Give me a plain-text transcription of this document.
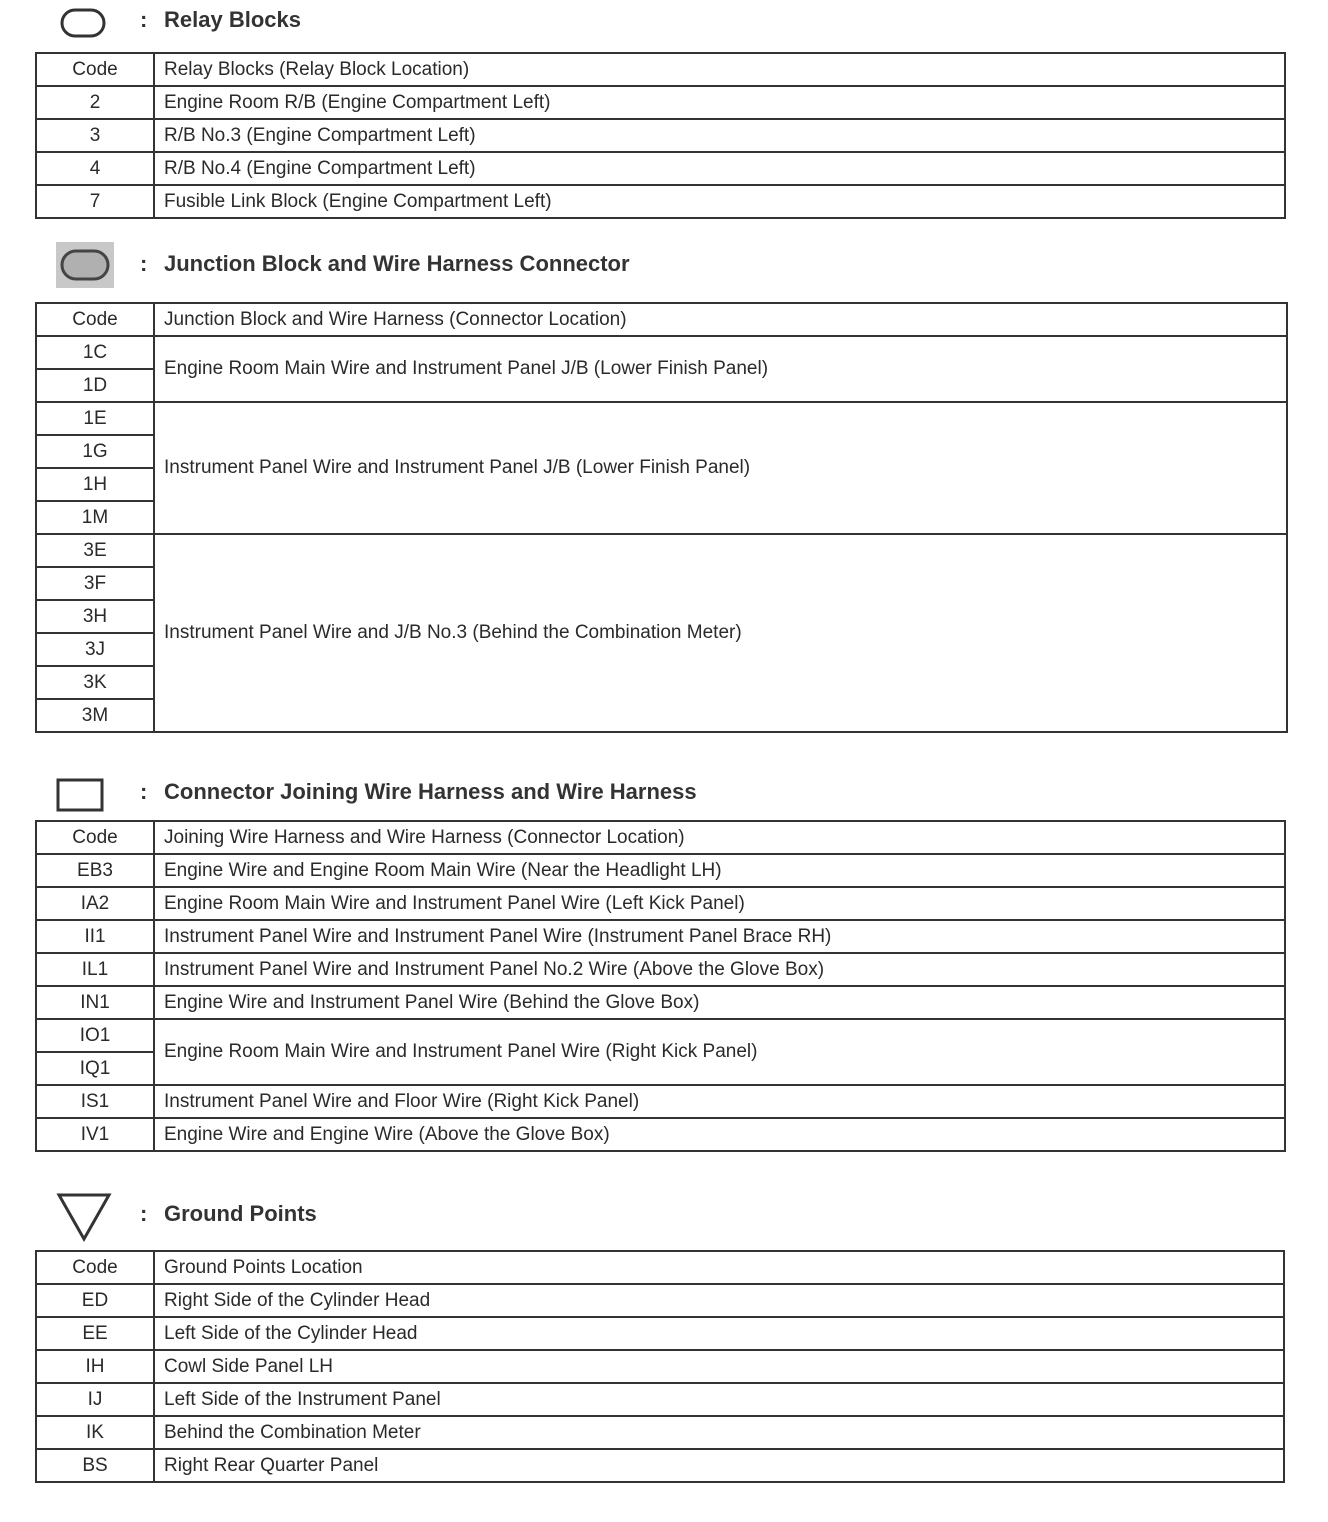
: Relay Blocks
Code	Relay Blocks (Relay Block Location)
2	Engine Room R/B (Engine Compartment Left)
3	R/B No.3 (Engine Compartment Left)
4	R/B No.4 (Engine Compartment Left)
7	Fusible Link Block (Engine Compartment Left)
: Junction Block and Wire Harness Connector
Code	Junction Block and Wire Harness (Connector Location)
1C	Engine Room Main Wire and Instrument Panel J/B (Lower Finish Panel)
1D	
1E	Instrument Panel Wire and Instrument Panel J/B (Lower Finish Panel)
1G	
1H	
1M	
3E	Instrument Panel Wire and J/B No.3 (Behind the Combination Meter)
3F	
3H	
3J	
3K	
3M	
: Connector Joining Wire Harness and Wire Harness
Code	Joining Wire Harness and Wire Harness (Connector Location)
EB3	Engine Wire and Engine Room Main Wire (Near the Headlight LH)
IA2	Engine Room Main Wire and Instrument Panel Wire (Left Kick Panel)
II1	Instrument Panel Wire and Instrument Panel Wire (Instrument Panel Brace RH)
IL1	Instrument Panel Wire and Instrument Panel No.2 Wire (Above the Glove Box)
IN1	Engine Wire and Instrument Panel Wire (Behind the Glove Box)
IO1	Engine Room Main Wire and Instrument Panel Wire (Right Kick Panel)
IQ1	
IS1	Instrument Panel Wire and Floor Wire (Right Kick Panel)
IV1	Engine Wire and Engine Wire (Above the Glove Box)
: Ground Points
Code	Ground Points Location
ED	Right Side of the Cylinder Head
EE	Left Side of the Cylinder Head
IH	Cowl Side Panel LH
IJ	Left Side of the Instrument Panel
IK	Behind the Combination Meter
BS	Right Rear Quarter Panel
